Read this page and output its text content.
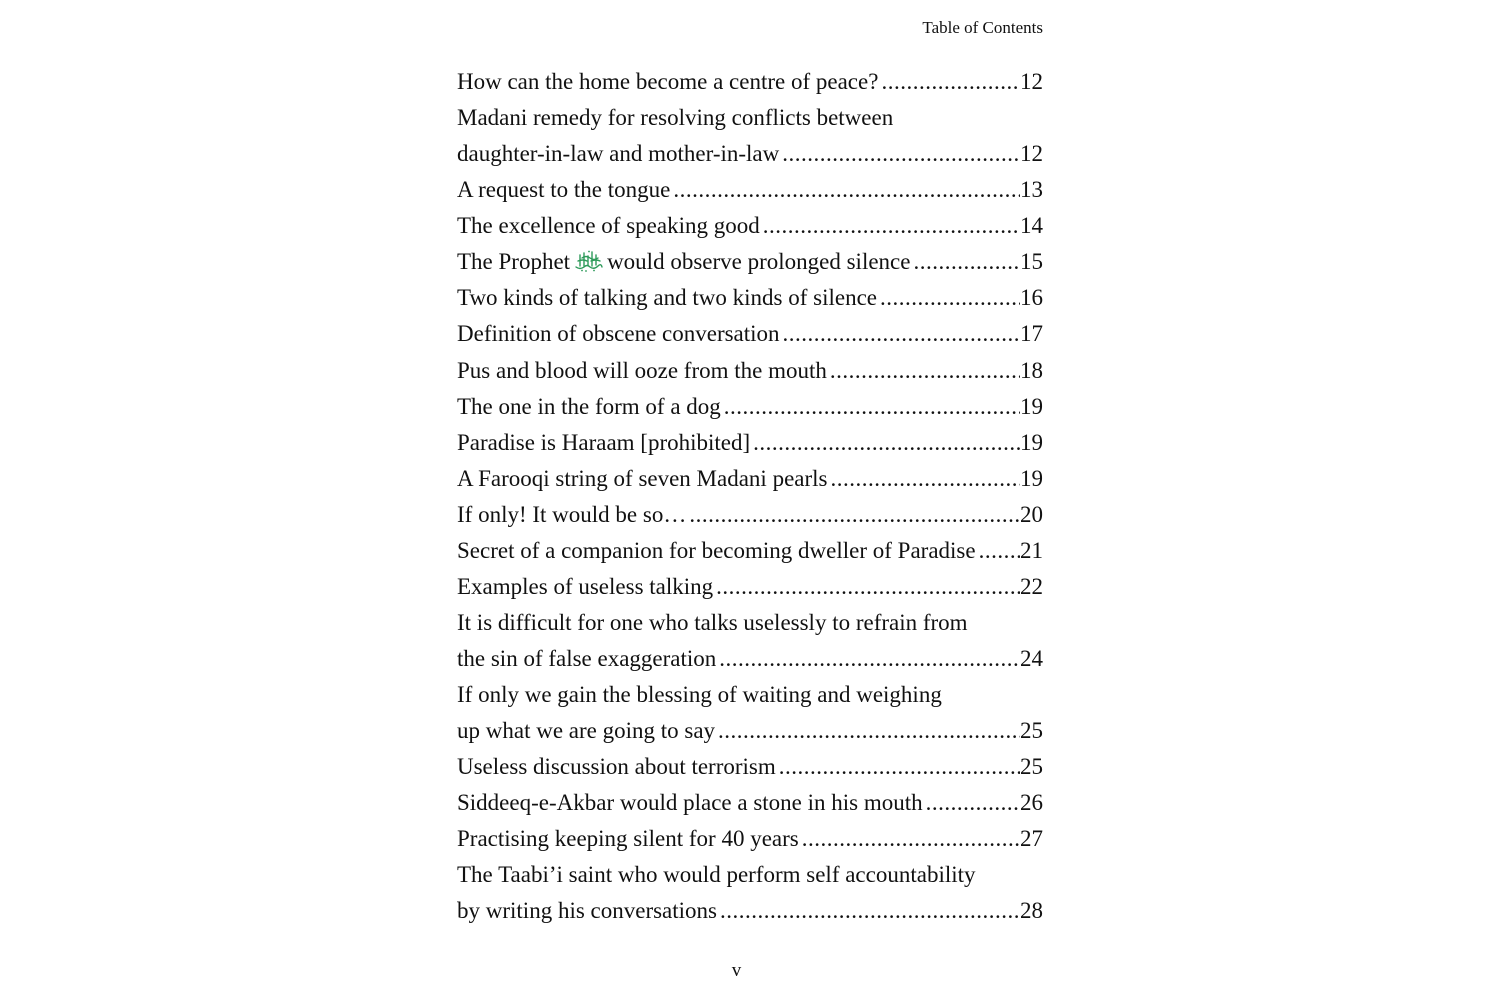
Table of Contents
How can the home become a centre of peace? .....	12
Madani remedy for resolving conflicts between
daughter-in-law and mother-in-law .....	12
A request to the tongue .....	13
The excellence of speaking good .....	14
The Prophet would observe prolonged silence .....	15
Two kinds of talking and two kinds of silence .....	16
Definition of obscene conversation .....	17
Pus and blood will ooze from the mouth .....	18
The one in the form of a dog .....	19
Paradise is Haraam [prohibited] .....	19
A Farooqi string of seven Madani pearls .....	19
If only! It would be so… .....	20
Secret of a companion for becoming dweller of Paradise ..... 21
Examples of useless talking .....	22
It is difficult for one who talks uselessly to refrain from
the sin of false exaggeration .....	24
If only we gain the blessing of waiting and weighing
up what we are going to say .....	25
Useless discussion about terrorism .....	25
Siddeeq-e-Akbar would place a stone in his mouth .....	26
Practising keeping silent for 40 years .....	27
The Taabi’i saint who would perform self accountability
by writing his conversations .....	28
v
